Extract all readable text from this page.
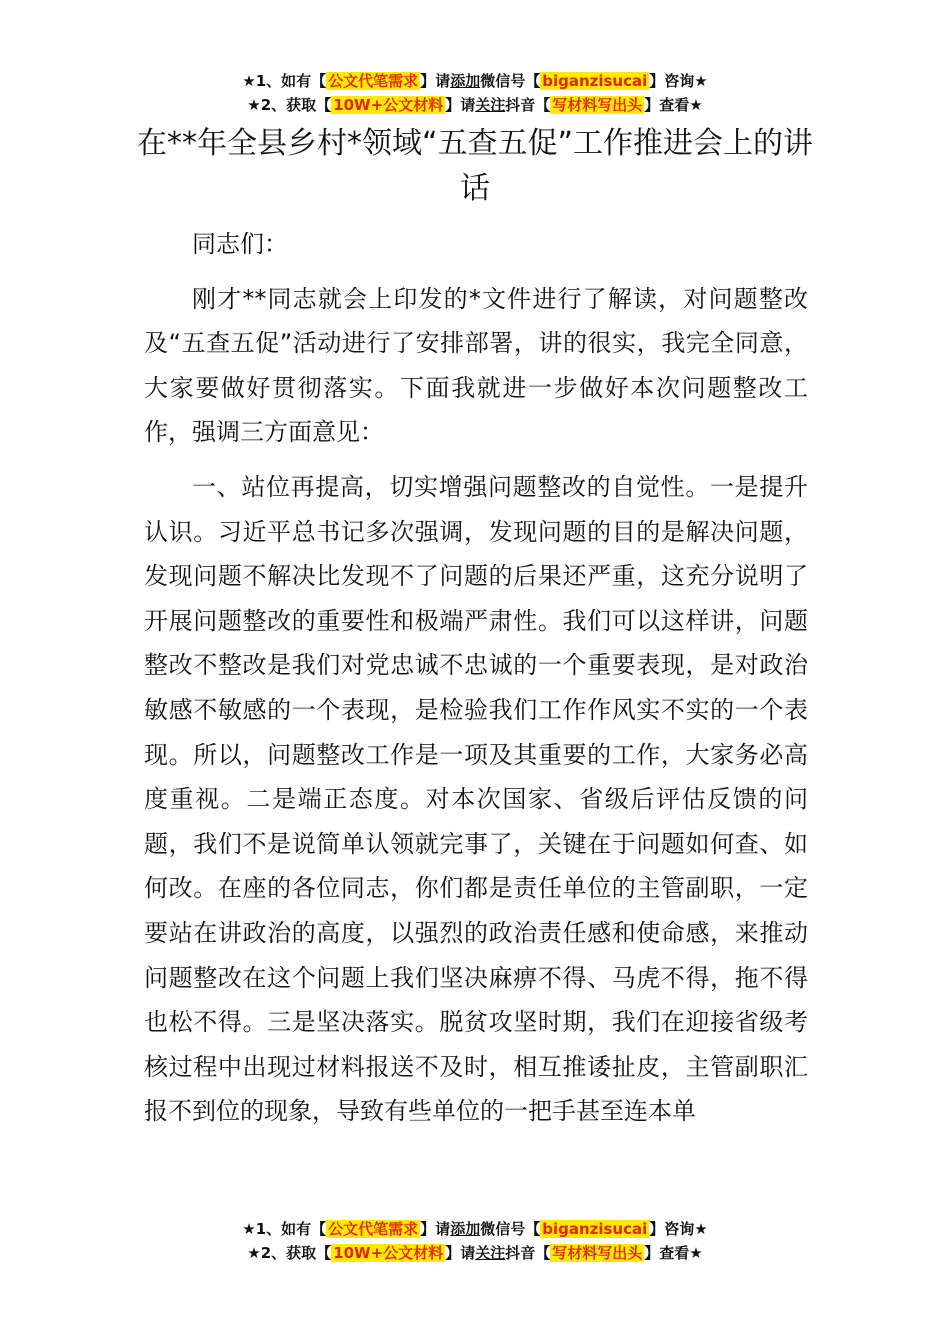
★1、如有【 公文代笔需求 】请添加微信号【 biganzisucai 】咨询★
★2、获取【 10W+公文材料 】请关注抖音【 写材料写出头 】查看★
在**年全县乡村*领域“五查五促”工作推进会上的讲话

同志们：

刚才**同志就会上印发的*文件进行了解读，对问题整改及“五查五促”活动进行了安排部署，讲的很实，我完全同意，大家要做好贯彻落实。下面我就进一步做好本次问题整改工作，强调三方面意见：

一、站位再提高，切实增强问题整改的自觉性。一是提升认识。习近平总书记多次强调，发现问题的目的是解决问题，发现问题不解决比发现不了问题的后果还严重，这充分说明了开展问题整改的重要性和极端严肃性。我们可以这样讲，问题整改不整改是我们对党忠诚不忠诚的一个重要表现，是对政治敏感不敏感的一个表现，是检验我们工作作风实不实的一个表现。所以，问题整改工作是一项及其重要的工作，大家务必高度重视。二是端正态度。对本次国家、省级后评估反馈的问题，我们不是说简单认领就完事了，关键在于问题如何查、如何改。在座的各位同志，你们都是责任单位的主管副职，一定要站在讲政治的高度，以强烈的政治责任感和使命感，来推动问题整改在这个问题上我们坚决麻痹不得、马虎不得，拖不得也松不得。三是坚决落实。脱贫攻坚时期，我们在迎接省级考核过程中出现过材料报送不及时，相互推诿扯皮，主管副职汇报不到位的现象，导致有些单位的一把手甚至连本单

★1、如有【 公文代笔需求 】请添加微信号【 biganzisucai 】咨询★
★2、获取【 10W+公文材料 】请关注抖音【 写材料写出头 】查看★
